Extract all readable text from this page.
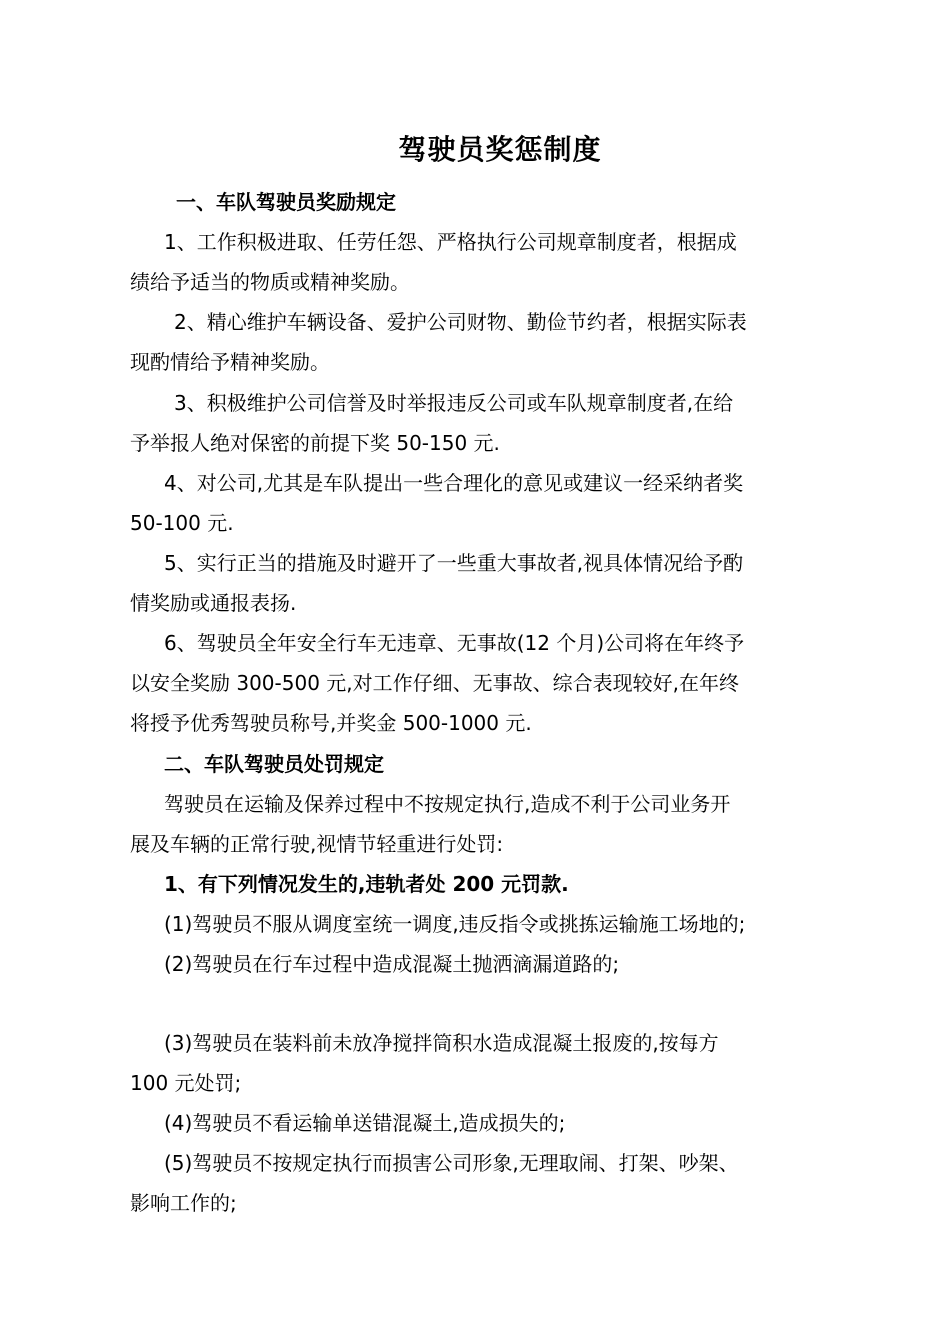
驾驶员奖惩制度

一、车队驾驶员奖励规定

1、工作积极进取、任劳任怨、严格执行公司规章制度者，根据成

绩给予适当的物质或精神奖励。

2、精心维护车辆设备、爱护公司财物、勤俭节约者，根据实际表

现酌情给予精神奖励。

3、积极维护公司信誉及时举报违反公司或车队规章制度者,在给

予举报人绝对保密的前提下奖 50-150 元.

4、对公司,尤其是车队提出一些合理化的意见或建议一经采纳者奖

50-100 元.

5、实行正当的措施及时避开了一些重大事故者,视具体情况给予酌

情奖励或通报表扬.

6、驾驶员全年安全行车无违章、无事故(12 个月)公司将在年终予

以安全奖励 300-500 元,对工作仔细、无事故、综合表现较好,在年终

将授予优秀驾驶员称号,并奖金 500-1000 元.

二、车队驾驶员处罚规定

驾驶员在运输及保养过程中不按规定执行,造成不利于公司业务开

展及车辆的正常行驶,视情节轻重进行处罚:

1、有下列情况发生的,违轨者处 200 元罚款.

(1)驾驶员不服从调度室统一调度,违反指令或挑拣运输施工场地的;

(2)驾驶员在行车过程中造成混凝土抛洒滴漏道路的;

(3)驾驶员在装料前未放净搅拌筒积水造成混凝土报废的,按每方

100 元处罚;

(4)驾驶员不看运输单送错混凝土,造成损失的;

(5)驾驶员不按规定执行而损害公司形象,无理取闹、打架、吵架、

影响工作的;
